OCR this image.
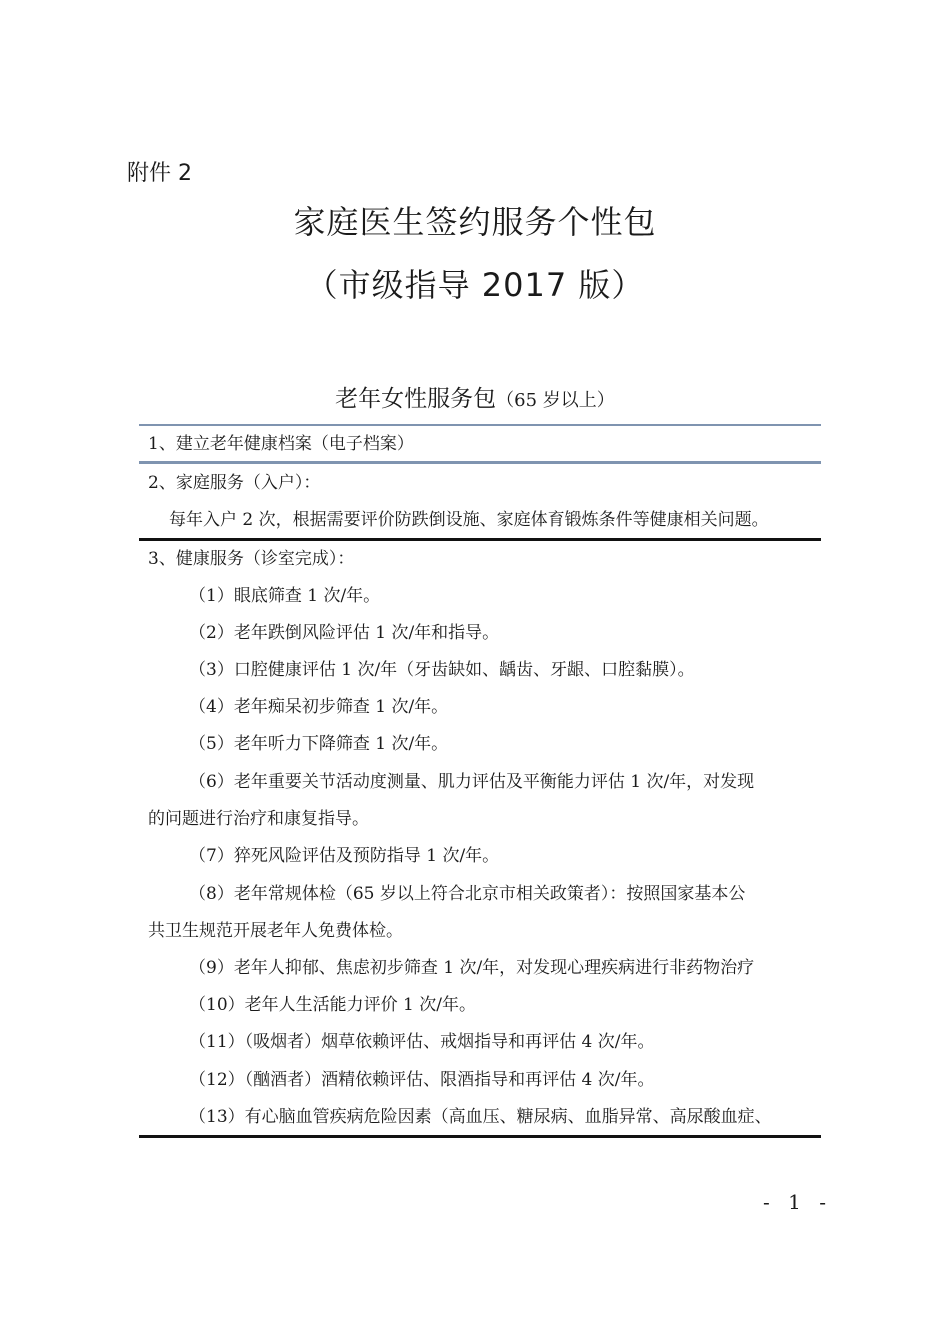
附件 2
家庭医生签约服务个性包
（市级指导 2017 版）
老年女性服务包（65 岁以上）
1、建立老年健康档案（电子档案）
2、家庭服务（入户）：
每年入户 2 次，根据需要评价防跌倒设施、家庭体育锻炼条件等健康相关问题。
3、健康服务（诊室完成）：
（1）眼底筛查 1 次/年。
（2）老年跌倒风险评估 1 次/年和指导。
（3）口腔健康评估 1 次/年（牙齿缺如、龋齿、牙龈、口腔黏膜）。
（4）老年痴呆初步筛查 1 次/年。
（5）老年听力下降筛查 1 次/年。
（6）老年重要关节活动度测量、肌力评估及平衡能力评估 1 次/年，对发现
的问题进行治疗和康复指导。
（7）猝死风险评估及预防指导 1 次/年。
（8）老年常规体检（65 岁以上符合北京市相关政策者）：按照国家基本公
共卫生规范开展老年人免费体检。
（9）老年人抑郁、焦虑初步筛查 1 次/年，对发现心理疾病进行非药物治疗
（10）老年人生活能力评价 1 次/年。
（11）（吸烟者）烟草依赖评估、戒烟指导和再评估 4 次/年。
（12）（酗酒者）酒精依赖评估、限酒指导和再评估 4 次/年。
（13）有心脑血管疾病危险因素（高血压、糖尿病、血脂异常、高尿酸血症、
- 1 -
